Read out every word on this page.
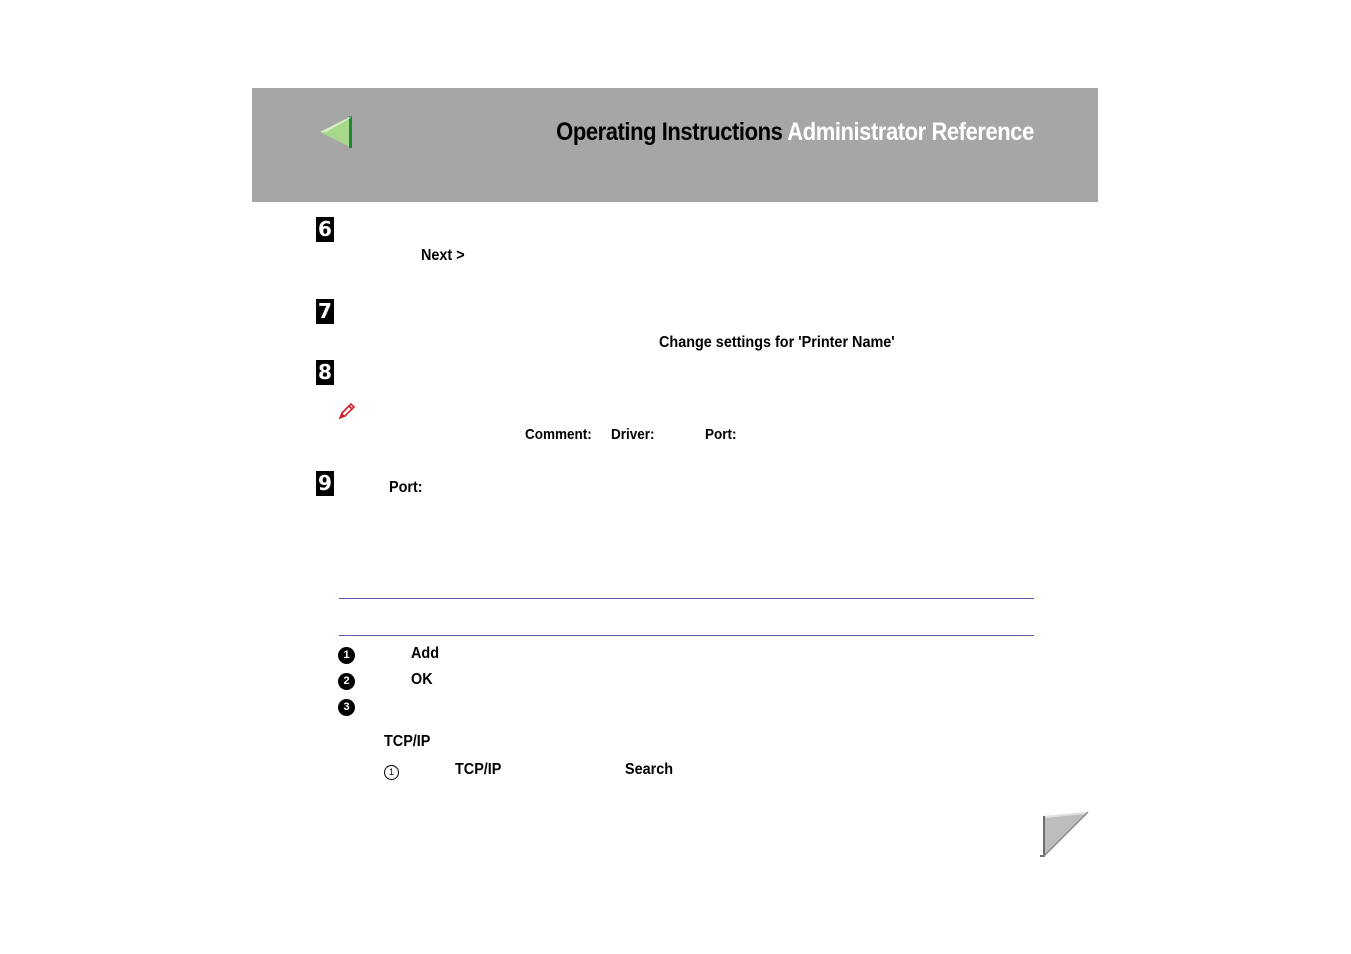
Operating Instructions Administrator Reference
6
Next >
7
Change settings for 'Printer Name'
8
Comment: Driver:	Port:
9	Port:
1	Add
2	OK
3
TCP/IP
1	TCP/IP	Search
